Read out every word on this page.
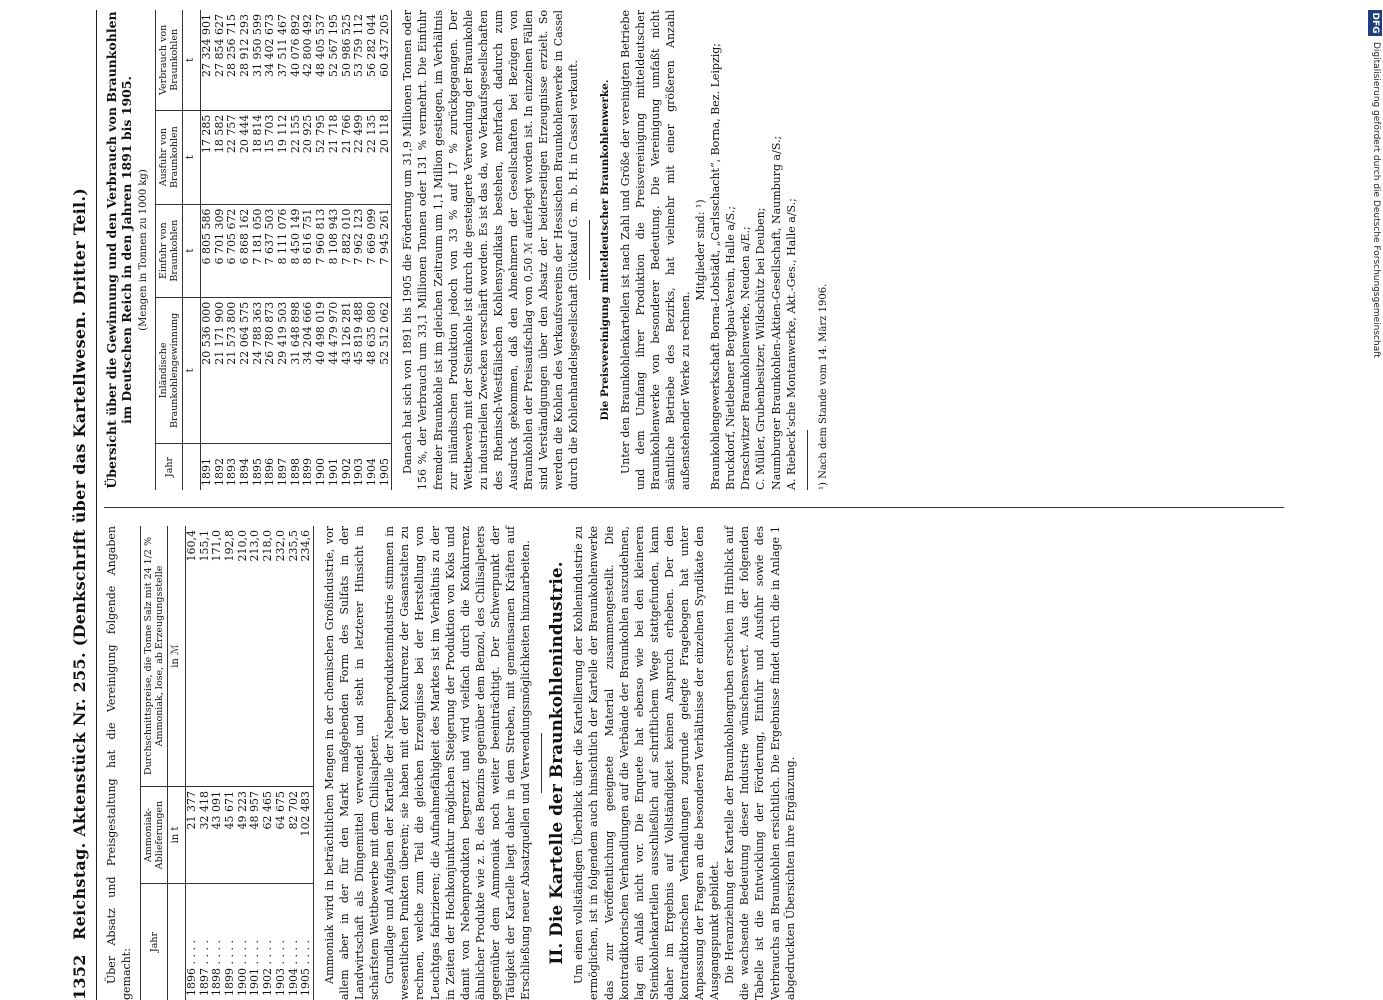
1352
Reichstag. Aktenstück Nr. 255. (Denkschrift über das Kartellwesen. Dritter Teil.) Über Absatz und Preisgestaltung hat die Vereinigung folgende Angaben gemacht:

Jahr	Ammoniak-Ablieferungen	Durchschnittspreise, die Tonne Salz mit 24 1/2 % Ammoniak, lose, ab Erzeugungsstelle
	in t	in ℳ
1896 . . . .	21 377	160,4
1897 . . . .	32 418	155,1
1898 . . . .	43 091	171,0
1899 . . . .	45 671	192,8
1900 . . . .	49 223	210,0
1901 . . . .	48 957	213,0
1902 . . . .	62 465	218,0
1903 . . . .	64 675	232,0
1904 . . . .	82 702	235,5
1905 . . . .	102 483	234,6 Ammoniak wird in beträchtlichen Mengen in der chemischen Großindustrie, vor allem aber in der für den Markt maßgebenden Form des Sulfats in der Landwirtschaft als Düngemittel verwendet und steht in letzterer Hinsicht in schärfstem Wettbewerbe mit dem Chilisalpeter. Grundlage und Aufgaben der Kartelle der Nebenproduktenindustrie stimmen in wesentlichen Punkten überein; sie haben mit der Konkurrenz der Gasanstalten zu rechnen, welche zum Teil die gleichen Erzeugnisse bei der Herstellung von Leuchtgas fabrizieren; die Aufnahmefähigkeit des Marktes ist im Verhältnis zu der in Zeiten der Hochkonjunktur möglichen Steigerung der Produktion von Koks und damit von Nebenprodukten begrenzt und wird vielfach durch die Konkurrenz ähnlicher Produkte wie z. B. des Benzins gegenüber dem Benzol, des Chilisalpeters gegenüber dem Ammoniak noch weiter beeinträchtigt. Der Schwerpunkt der Tätigkeit der Kartelle liegt daher in dem Streben, mit gemeinsamen Kräften auf Erschließung neuer Absatzquellen und Verwendungsmöglichkeiten hinzuarbeiten. II. Die Kartelle der Braunkohlenindustrie. Um einen vollständigen Überblick über die Kartellierung der Kohlenindustrie zu ermöglichen, ist in folgendem auch hinsichtlich der Kartelle der Braunkohlenwerke das zur Veröffentlichung geeignete Material zusammengestellt. Die kontradiktorischen Verhandlungen auf die Verbände der Braunkohlen auszudehnen, lag ein Anlaß nicht vor. Die Enquete hat ebenso wie bei den kleineren Steinkohlenkartellen ausschließlich auf schriftlichem Wege stattgefunden, kann daher im Ergebnis auf Vollständigkeit keinen Anspruch erheben. Der den kontradiktorischen Verhandlungen zugrunde gelegte Fragebogen hat unter Anpassung der Fragen an die besonderen Verhältnisse der einzelnen Syndikate den Ausgangspunkt gebildet. Die Heranziehung der Kartelle der Braunkohlengruben erschien im Hinblick auf die wachsende Bedeutung dieser Industrie wünschenswert. Aus der folgenden Tabelle ist die Entwicklung der Förderung, Einfuhr und Ausfuhr sowie des Verbrauchs an Braunkohlen ersichtlich. Die Ergebnisse findet durch die in Anlage 1 abgedruckten Übersichten ihre Ergänzung.

Übersicht über die Gewinnung und den Verbrauch von Braunkohlen im Deutschen Reich in den Jahren 1891 bis 1905. (Mengen in Tonnen zu 1000 kg)
Jahr	Inländische Braunkohlengewinnung	Einfuhr von Braunkohlen	Ausfuhr von Braunkohlen	Verbrauch von Braunkohlen
	t	t	t	t
1891	20 536 000	6 805 586	17 285	27 324 901
1892	21 171 900	6 701 309	18 582	27 854 627
1893	21 573 800	6 705 672	22 757	28 256 715
1894	22 064 575	6 868 162	20 444	28 912 293
1895	24 788 363	7 181 050	18 814	31 950 599
1896	26 780 873	7 637 503	15 703	34 402 673
1897	29 419 503	8 111 076	19 112	37 511 467
1898	31 648 898	8 450 149	22 155	40 076 892
1899	34 204 666	8 616 751	20 925	42 800 492
1900	40 498 019	7 960 813	52 795	48 405 537
1901	44 479 970	8 108 943	21 718	52 567 195
1902	43 126 281	7 882 010	21 766	50 986 525
1903	45 819 488	7 962 123	22 499	53 759 112
1904	48 635 080	7 669 099	22 135	56 282 044
1905	52 512 062	7 945 261	20 118	60 437 205 Danach hat sich von 1891 bis 1905 die Förderung um 31,9 Millionen Tonnen oder 156 %, der Verbrauch um 33,1 Millionen Tonnen oder 131 % vermehrt. Die Einfuhr fremder Braunkohle ist im gleichen Zeitraum um 1,1 Million gestiegen, im Verhältnis zur inländischen Produktion jedoch von 33 % auf 17 % zurückgegangen. Der Wettbewerb mit der Steinkohle ist durch die gesteigerte Verwendung der Braunkohle zu industriellen Zwecken verschärft worden. Es ist das da, wo Verkaufsgesellschaften des Rheinisch-Westfälischen Kohlensyndikats bestehen, mehrfach dadurch zum Ausdruck gekommen, daß den Abnehmern der Gesellschaften bei Bezügen von Braunkohlen der Preisaufschlag von 0,50 ℳ auferlegt worden ist. In einzelnen Fällen sind Verständigungen über den Absatz der beiderseitigen Erzeugnisse erzielt. So werden die Kohlen des Verkaufsvereins der Hessischen Braunkohlenwerke in Cassel durch die Kohlenhandelsgesellschaft Glückauf G. m. b. H. in Cassel verkauft. Die Preisvereinigung mitteldeutscher Braunkohlenwerke. Unter den Braunkohlenkartellen ist nach Zahl und Größe der vereinigten Betriebe und dem Umfang ihrer Produktion die Preisvereinigung mitteldeutscher Braunkohlenwerke von besonderer Bedeutung. Die Vereinigung umfaßt nicht sämtliche Betriebe des Bezirks, hat vielmehr mit einer größeren Anzahl außenstehender Werke zu rechnen.

Mitglieder sind: ¹) Braunkohlengewerkschaft Borna-Lobstädt, „Carlsschacht“, Borna, Bez. Leipzig; Bruckdorf, Nietlebener Bergbau-Verein, Halle a/S.; Draschwitzer Braunkohlenwerke, Neuden a/E.; C. Müller, Grubenbesitzer, Wildschütz bei Deuben; Naumburger Braunkohlen-Aktien-Gesellschaft, Naumburg a/S.; A. Riebeck’sche Montanwerke, Akt.-Ges., Halle a/S.; ¹) Nach dem Stande vom 14. März 1906.
DFG
Digitalisierung gefördert durch die Deutsche Forschungsgemeinschaft
